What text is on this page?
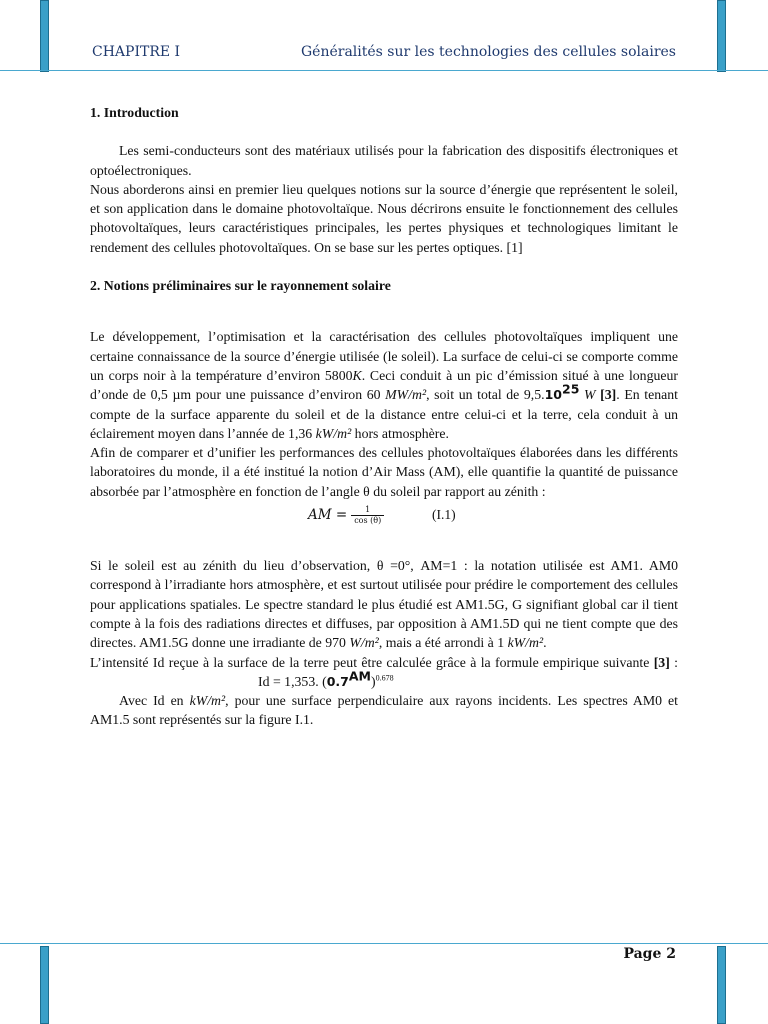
CHAPITRE I	Généralités sur les technologies des cellules solaires

1. Introduction

Les semi-conducteurs sont des matériaux utilisés pour la fabrication des dispositifs électroniques et optoélectroniques.

Nous aborderons ainsi en premier lieu quelques notions sur la source d’énergie que représentent le soleil, et son application dans le domaine photovoltaïque. Nous décrirons ensuite le fonctionnement des cellules photovoltaïques, leurs caractéristiques principales, les pertes physiques et technologiques limitant le rendement des cellules photovoltaïques. On se base sur les pertes optiques. [1]

2. Notions préliminaires sur le rayonnement solaire

Le développement, l’optimisation et la caractérisation des cellules photovoltaïques impliquent une certaine connaissance de la source d’énergie utilisée (le soleil). La surface de celui-ci se comporte comme un corps noir à la température d’environ 5800K. Ceci conduit à un pic d’émission situé à une longueur d’onde de 0,5 µm pour une puissance d’environ 60 MW/m², soit un total de 9,5.1025 W [3]. En tenant compte de la surface apparente du soleil et de la distance entre celui-ci et la terre, cela conduit à un éclairement moyen dans l’année de 1,36 kW/m² hors atmosphère.

Afin de comparer et d’unifier les performances des cellules photovoltaïques élaborées dans les différents laboratoires du monde, il a été institué la notion d’Air Mass (AM), elle quantifie la quantité de puissance absorbée par l’atmosphère en fonction de l’angle θ du soleil par rapport au zénith :

AM = $\frac{1}{\cos (\theta)}$	(I.1)

Si le soleil est au zénith du lieu d’observation, θ =0°, AM=1 : la notation utilisée est AM1. AM0 correspond à l’irradiante hors atmosphère, et est surtout utilisée pour prédire le comportement des cellules pour applications spatiales. Le spectre standard le plus étudié est AM1.5G, G signifiant global car il tient compte à la fois des radiations directes et diffuses, par opposition à AM1.5D qui ne tient compte que des directes. AM1.5G donne une irradiante de 970 W/m², mais a été arrondi à 1 kW/m².

L’intensité Id reçue à la surface de la terre peut être calculée grâce à la formule empirique suivante [3] :Id = 1,353. $(0.7AM)^{0.678}$

Avec Id en kW/m², pour une surface perpendiculaire aux rayons incidents. Les spectres AM0 et AM1.5 sont représentés sur la figure I.1.

Page 2
